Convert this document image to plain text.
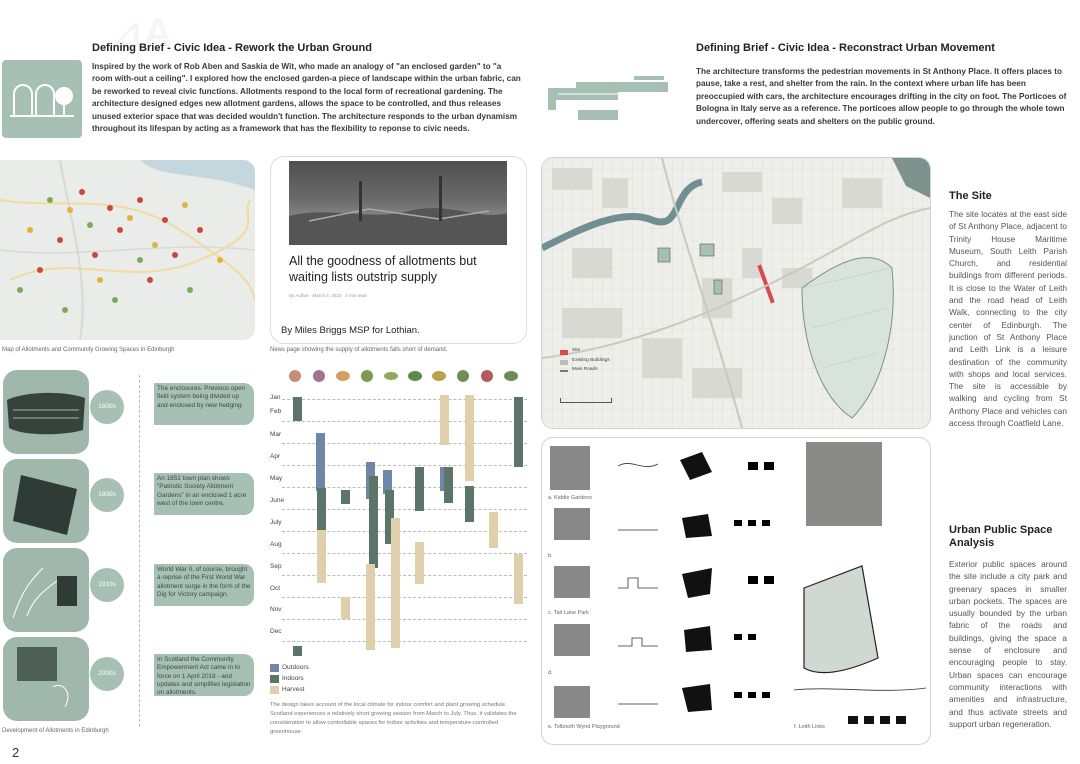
Defining Brief - Civic Idea - Rework the Urban Ground
Inspired by the work of Rob Aben and Saskia de Wit, who made an analogy of "an enclosed garden" to "a room with-out a ceiling". I explored how the enclosed garden-a piece of landscape within the urban fabric, can be reworked to reveal civic functions. Allotments respond to the local form of recreational gardening. The architecture designed edges new allotment gardens, allows the space to be controlled, and thus releases unused exterior space that was decided wouldn't function. The architecture responds to the urban dynamism throughout its lifespan by acting as a framework that has the flexibility to reponse to civic needs.
Map of Allotments and Community Growing Spaces in Edinburgh
All the goodness of allotments but waiting lists outstrip supply
By Author · March 4, 2022 · 4 min read
By Miles Briggs MSP for Lothian.
News page showing the supply of allotments falls short of demand.
1600s
1800s
1910s
2000s
The enclosures. Previous open field system being divided up and enclosed by new hedging.
An 1851 town plan shows "Patriotic Society Allotment Gardens" in an enclosed 1 acre west of the town centre.
World War II, of course, brought a reprise of the First World War allotment surge in the form of the Dig for Victory campaign.
In Scotland the Community Empowerment Act came in to force on 1 April 2018 - and updates and simplifies legislation on allotments.
Development of Allotments in Edinburgh
2
Jan
Feb
Mar
Apr
May
June
July
Aug
Sep
Oct
Nov
Dec
Outdoors
Indoors
Harvest
The design takes account of the local climate for indoor comfort and plant growing schedule. Scotland experiences a relatively short growing season from March to July. Thus, it validates the consideration to allow controllable spaces for indoor activities and temperature-controlled greenhouse.
Defining Brief - Civic Idea - Reconstract Urban Movement
The architecture transforms the pedestrian movements in St Anthony Place. It offers places to pause, take a rest, and shelter from the rain. In the context where urban life has been preoccupied with cars, the architecture encourages drifting in the city on foot. The Porticoes of Bologna in Italy serve as a reference. The porticoes allow people to go through the whole town undercover, offering seats and shelters on the public ground.
Site
Existing Buildings
Main Roads
The Site
The site locates at the east side of St Anthony Place, adjacent to Trinity House Maritime Museum, South Leith Parish Church, and residential buildings from different periods. It is close to the Water of Leith and the road head of Leith Walk, connecting to the city center of Edinburgh. The junction of St Anthony Place and Leith Link is a leisure destination of the community with shops and local services. The site is accessible by walking and cycling from St Anthony Place and vehicles can access through Coatfield Lane.
a. Kiddie Gardens
b.
c. Tait Lane Park
d.
e. Tolbooth Wynd Playground	f. Leith Links
Urban Public Space Analysis
Exterior public spaces around the site include a city park and greenary spaces in smaller urban pockets. The spaces are usually bounded by the urban fabric of the roads and buildings, giving the space a sense of enclosure and encouraging people to stay. Urban spaces can encourage community interactions with amenities and infrastructure, and thus activate streets and support urban regeneration.
